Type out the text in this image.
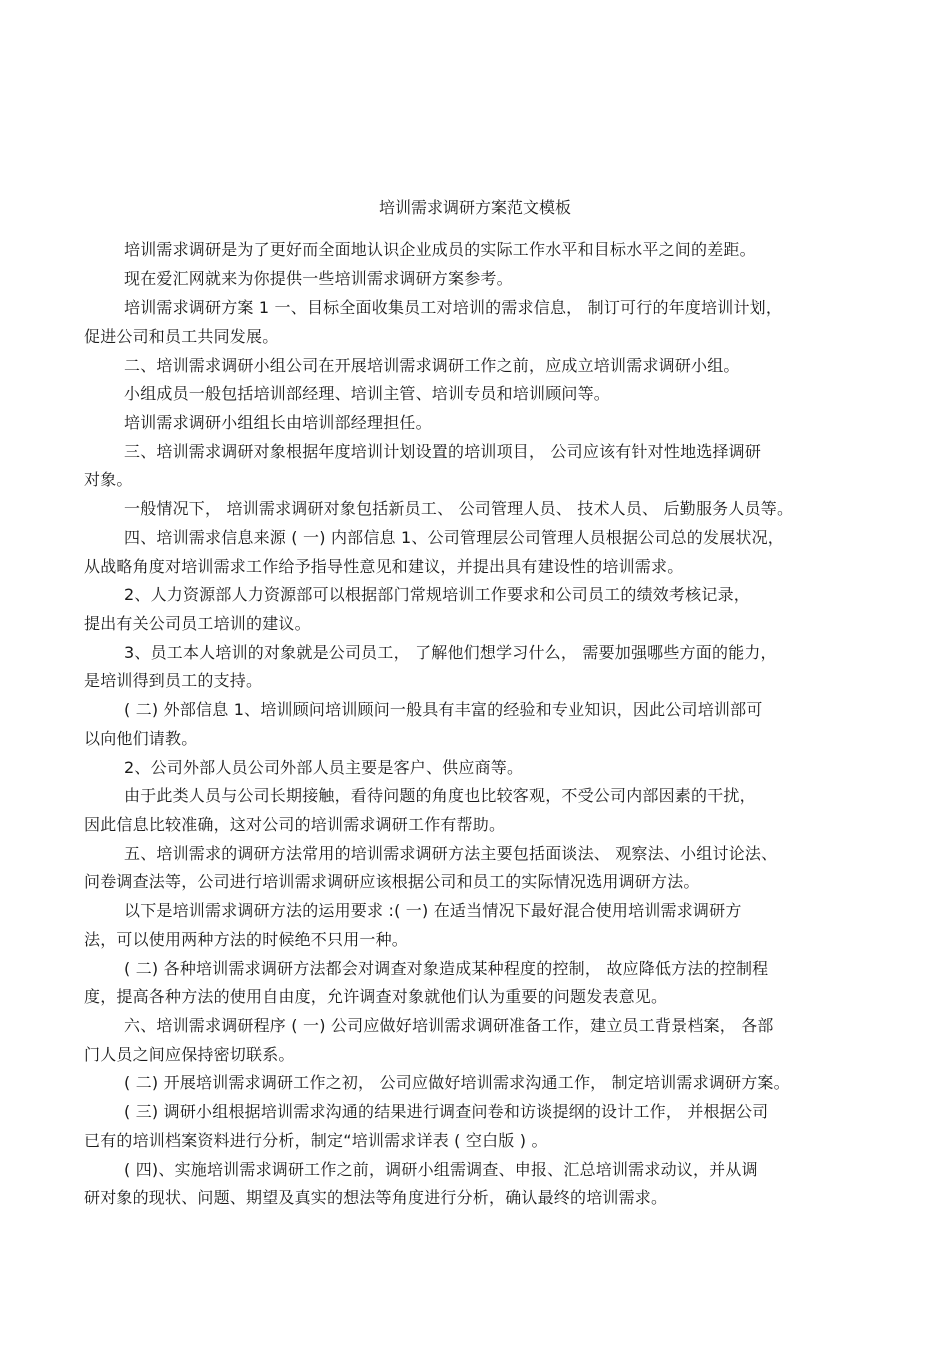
培训需求调研方案范文模板
培训需求调研是为了更好而全面地认识企业成员的实际工作水平和目标水平之间的差距。
现在爱汇网就来为你提供一些培训需求调研方案参考。
培训需求调研方案 1 一、目标全面收集员工对培训的需求信息， 制订可行的年度培训计划，
促进公司和员工共同发展。
二、培训需求调研小组公司在开展培训需求调研工作之前，应成立培训需求调研小组。
小组成员一般包括培训部经理、培训主管、培训专员和培训顾问等。
培训需求调研小组组长由培训部经理担任。
三、培训需求调研对象根据年度培训计划设置的培训项目， 公司应该有针对性地选择调研
对象。
一般情况下， 培训需求调研对象包括新员工、 公司管理人员、 技术人员、 后勤服务人员等。
四、培训需求信息来源 ( 一) 内部信息 1、公司管理层公司管理人员根据公司总的发展状况，
从战略角度对培训需求工作给予指导性意见和建议，并提出具有建设性的培训需求。
2、人力资源部人力资源部可以根据部门常规培训工作要求和公司员工的绩效考核记录，
提出有关公司员工培训的建议。
3、员工本人培训的对象就是公司员工， 了解他们想学习什么， 需要加强哪些方面的能力，
是培训得到员工的支持。
( 二) 外部信息 1、培训顾问培训顾问一般具有丰富的经验和专业知识，因此公司培训部可
以向他们请教。
2、公司外部人员公司外部人员主要是客户、供应商等。
由于此类人员与公司长期接触，看待问题的角度也比较客观，不受公司内部因素的干扰，
因此信息比较准确，这对公司的培训需求调研工作有帮助。
五、培训需求的调研方法常用的培训需求调研方法主要包括面谈法、 观察法、小组讨论法、
问卷调查法等，公司进行培训需求调研应该根据公司和员工的实际情况选用调研方法。
以下是培训需求调研方法的运用要求 :( 一) 在适当情况下最好混合使用培训需求调研方
法，可以使用两种方法的时候绝不只用一种。
( 二) 各种培训需求调研方法都会对调查对象造成某种程度的控制， 故应降低方法的控制程
度，提高各种方法的使用自由度，允许调查对象就他们认为重要的问题发表意见。
六、培训需求调研程序 ( 一) 公司应做好培训需求调研准备工作，建立员工背景档案， 各部
门人员之间应保持密切联系。
( 二) 开展培训需求调研工作之初， 公司应做好培训需求沟通工作， 制定培训需求调研方案。
( 三) 调研小组根据培训需求沟通的结果进行调查问卷和访谈提纲的设计工作， 并根据公司
已有的培训档案资料进行分析，制定“培训需求详表 ( 空白版 ) 。
( 四)、实施培训需求调研工作之前，调研小组需调查、申报、汇总培训需求动议，并从调
研对象的现状、问题、期望及真实的想法等角度进行分析，确认最终的培训需求。
